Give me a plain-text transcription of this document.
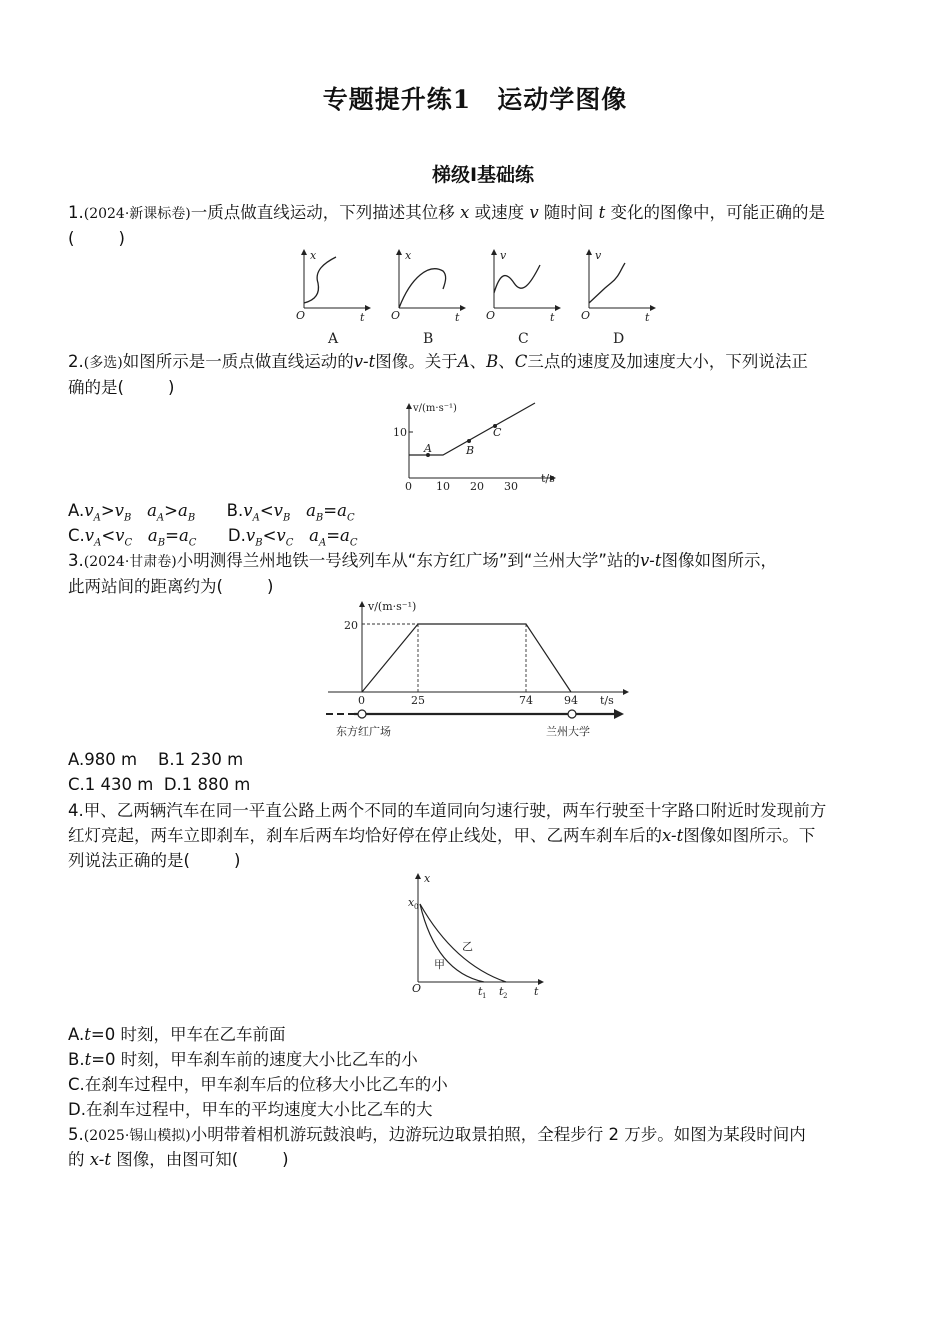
专题提升练1　运动学图像
梯级Ⅰ基础练
1.(2024·新课标卷)一质点做直线运动，下列描述其位移 x 或速度 v 随时间 t 变化的图像中，可能正确的是
(	)
x
O	t
A
x
O	t
B
v
O	t
C
v
O	t
D
2.(多选)如图所示是一质点做直线运动的v-t图像。关于A、B、C三点的速度及加速度大小，下列说法正
确的是(	)
A	B
C
v/(m·s⁻¹)
10
0 10 20 30
t/s
$A.v_A>v_B$ $a_A>a_B$ $B.v_A<v_B$ $a_B=a_C$
$C.v_A<v_C$ $a_B=a_C$ $D.v_B<v_C$ $a_A=a_C$
3.(2024·甘肃卷)小明测得兰州地铁一号线列车从“东方红广场”到“兰州大学”站的v-t图像如图所示，
此两站间的距离约为(	)
v/(m·s⁻¹)
20
0	25	74	94 t/s
东方红广场	兰州大学
A.980 m B.1 230 m
C.1 430 m D.1 880 m
4.甲、乙两辆汽车在同一平直公路上两个不同的车道同向匀速行驶，两车行驶至十字路口附近时发现前方
红灯亮起，两车立即刹车，刹车后两车均恰好停在停止线处，甲、乙两车刹车后的x-t图像如图所示。下
列说法正确的是(	)
x
x 0
O	t 1 t 2 t
甲
乙
A.t=0 时刻，甲车在乙车前面
B.t=0 时刻，甲车刹车前的速度大小比乙车的小
C.在刹车过程中，甲车刹车后的位移大小比乙车的小
D.在刹车过程中，甲车的平均速度大小比乙车的大
5.(2025·锡山模拟)小明带着相机游玩鼓浪屿，边游玩边取景拍照，全程步行 2 万步。如图为某段时间内
的 x-t 图像，由图可知(	)
